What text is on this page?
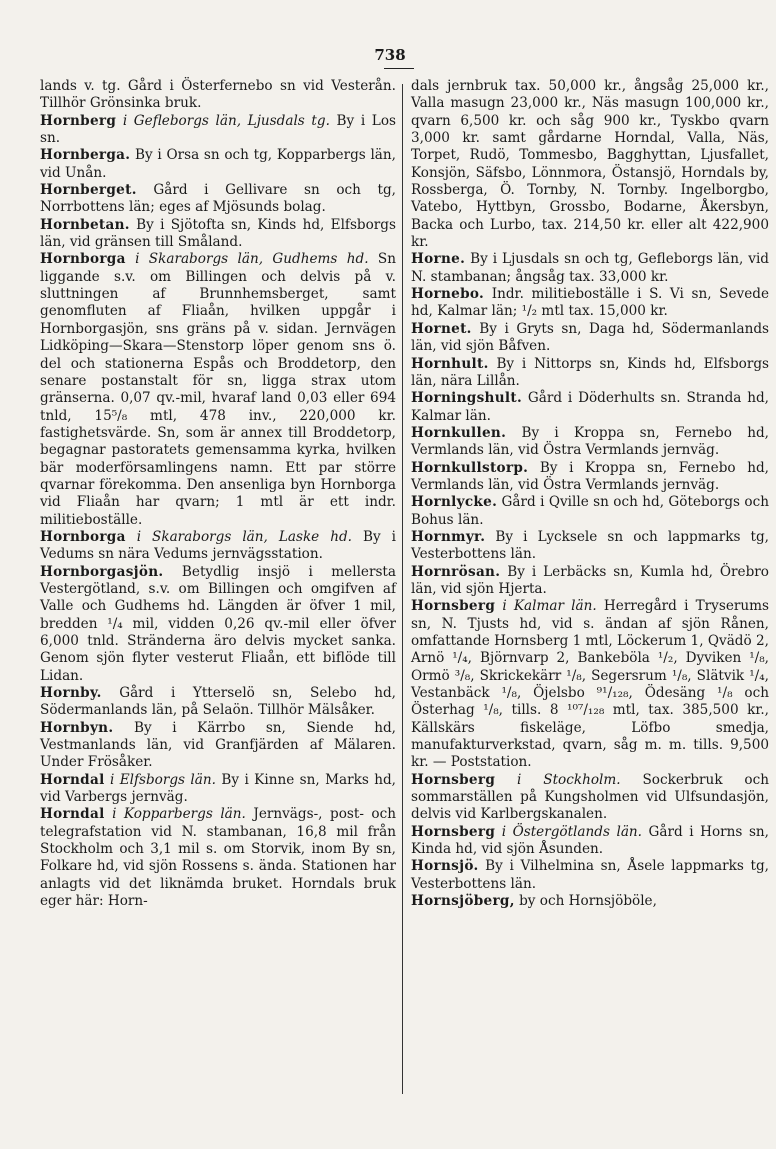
738

lands v. tg. Gård i Österfernebo sn vid Vesterån. Tillhör Grönsinka bruk.

Hornberg i Gefleborgs län, Ljusdals tg. By i Los sn.

Hornberga. By i Orsa sn och tg, Kopparbergs län, vid Unån.

Hornberget. Gård i Gellivare sn och tg, Norrbottens län; eges af Mjösunds bolag.

Hornbetan. By i Sjötofta sn, Kinds hd, Elfsborgs län, vid gränsen till Småland.

Hornborga i Skaraborgs län, Gudhems hd. Sn liggande s.v. om Billingen och delvis på v. sluttningen af Brunnhemsberget, samt genomfluten af Fliaån, hvilken uppgår i Hornborgasjön, sns gräns på v. sidan. Jernvägen Lidköping—Skara—Stenstorp löper genom sns ö. del och stationerna Espås och Broddetorp, den senare postanstalt för sn, ligga strax utom gränserna. 0,07 qv.-mil, hvaraf land 0,03 eller 694 tnld, 15⁵/₈ mtl, 478 inv., 220,000 kr. fastighetsvärde. Sn, som är annex till Broddetorp, begagnar pastoratets gemensamma kyrka, hvilken bär moderförsamlingens namn. Ett par större qvarnar förekomma. Den ansenliga byn Hornborga vid Fliaån har qvarn; 1 mtl är ett indr. militieboställe.

Hornborga i Skaraborgs län, Laske hd. By i Vedums sn nära Vedums jernvägsstation.

Hornborgasjön. Betydlig insjö i mellersta Vestergötland, s.v. om Billingen och omgifven af Valle och Gudhems hd. Längden är öfver 1 mil, bredden ¹/₄ mil, vidden 0,26 qv.-mil eller öfver 6,000 tnld. Stränderna äro delvis mycket sanka. Genom sjön flyter vesterut Fliaån, ett biflöde till Lidan.

Hornby. Gård i Ytterselö sn, Selebo hd, Södermanlands län, på Selaön. Tillhör Mälsåker.

Hornbyn. By i Kärrbo sn, Siende hd, Vestmanlands län, vid Granfjärden af Mälaren. Under Frösåker.

Horndal i Elfsborgs län. By i Kinne sn, Marks hd, vid Varbergs jernväg.

Horndal i Kopparbergs län. Jernvägs-, post- och telegrafstation vid N. stambanan, 16,8 mil från Stockholm och 3,1 mil s. om Storvik, inom By sn, Folkare hd, vid sjön Rossens s. ända. Stationen har anlagts vid det liknämda bruket. Horndals bruk eger här: Horn-

dals jernbruk tax. 50,000 kr., ångsåg 25,000 kr., Valla masugn 23,000 kr., Näs masugn 100,000 kr., qvarn 6,500 kr. och såg 900 kr., Tyskbo qvarn 3,000 kr. samt gårdarne Horndal, Valla, Näs, Torpet, Rudö, Tommesbo, Bagghyttan, Ljusfallet, Konsjön, Säfsbo, Lönnmora, Östansjö, Horndals by, Rossberga, Ö. Tornby, N. Tornby. Ingelborgbo, Vatebo, Hyttbyn, Grossbo, Bodarne, Åkersbyn, Backa och Lurbo, tax. 214,50 kr. eller alt 422,900 kr.

Horne. By i Ljusdals sn och tg, Gefleborgs län, vid N. stambanan; ångsåg tax. 33,000 kr.

Hornebo. Indr. militieboställe i S. Vi sn, Sevede hd, Kalmar län; ¹/₂ mtl tax. 15,000 kr.

Hornet. By i Gryts sn, Daga hd, Södermanlands län, vid sjön Båfven.

Hornhult. By i Nittorps sn, Kinds hd, Elfsborgs län, nära Lillån.

Horningshult. Gård i Döderhults sn. Stranda hd, Kalmar län.

Hornkullen. By i Kroppa sn, Fernebo hd, Vermlands län, vid Östra Vermlands jernväg.

Hornkullstorp. By i Kroppa sn, Fernebo hd, Vermlands län, vid Östra Vermlands jernväg.

Hornlycke. Gård i Qville sn och hd, Göteborgs och Bohus län.

Hornmyr. By i Lycksele sn och lappmarks tg, Vesterbottens län.

Hornrösan. By i Lerbäcks sn, Kumla hd, Örebro län, vid sjön Hjerta.

Hornsberg i Kalmar län. Herregård i Tryserums sn, N. Tjusts hd, vid s. ändan af sjön Rånen, omfattande Hornsberg 1 mtl, Löckerum 1, Qvädö 2, Arnö ¹/₄, Björnvarp 2, Bankeböla ¹/₂, Dyviken ¹/₈, Ormö ³/₈, Skrickekärr ¹/₈, Segersrum ¹/₈, Slätvik ¹/₄, Vestanbäck ¹/₈, Öjelsbo ⁹¹/₁₂₈, Ödesäng ¹/₈ och Österhag ¹/₈, tills. 8 ¹⁰⁷/₁₂₈ mtl, tax. 385,500 kr., Källskärs fiskeläge, Löfbo smedja, manufakturverkstad, qvarn, såg m. m. tills. 9,500 kr. — Poststation.

Hornsberg i Stockholm. Sockerbruk och sommarställen på Kungsholmen vid Ulfsundasjön, delvis vid Karlbergskanalen.

Hornsberg i Östergötlands län. Gård i Horns sn, Kinda hd, vid sjön Åsunden.

Hornsjö. By i Vilhelmina sn, Åsele lappmarks tg, Vesterbottens län.

Hornsjöberg, by och Hornsjöböle,
